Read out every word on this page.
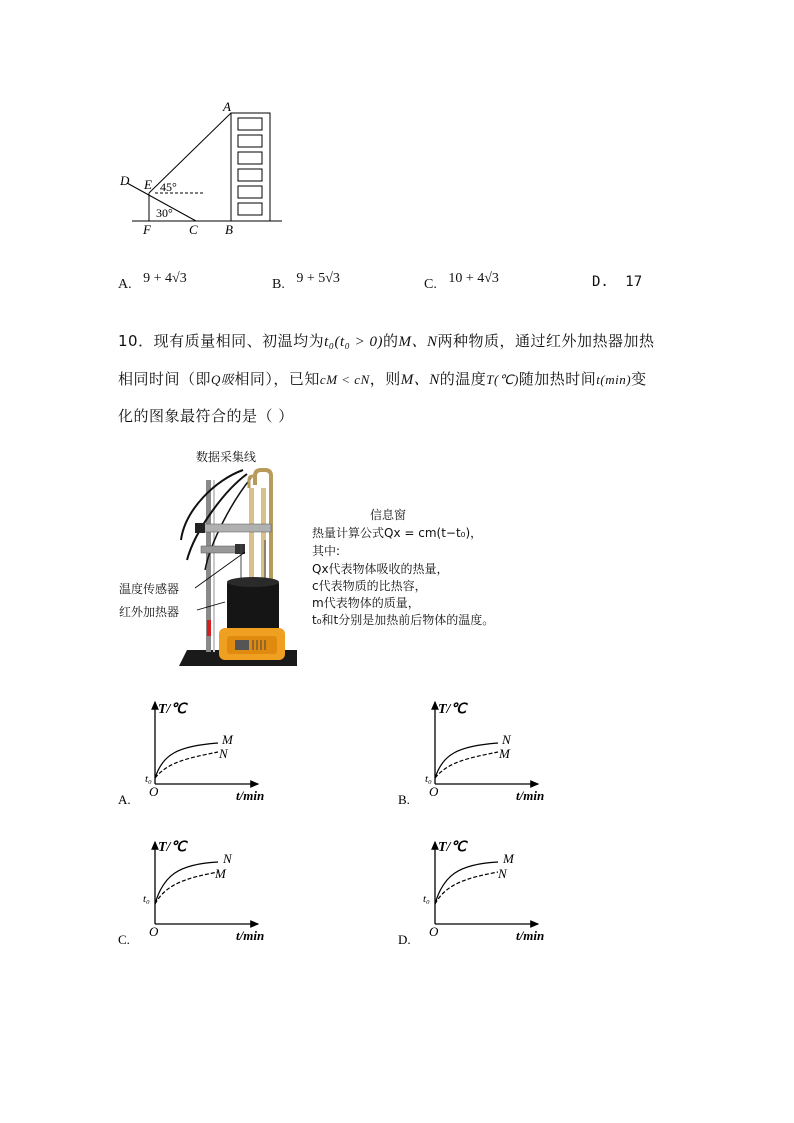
A
B
C
D E
F
45°
30°
A. 9 + 4√3	B. 9 + 5√3	C. 10 + 4√3	D. 17
10．现有质量相同、初温均为t₀(t₀ > 0)的M、N两种物质，通过红外加热器加热
相同时间（即Q吸相同），已知cM < cN，则M、N的温度T(℃)随加热时间t(min)变
化的图象最符合的是（ ）
数据采集线
温度传感器
红外加热器
信息窗
热量计算公式Qx = cm(t−t₀)，
其中:
Qx代表物体吸收的热量，
c代表物质的比热容，
m代表物体的质量，
t₀和t分别是加热前后物体的温度。
T/℃
M
N
t₀
O	t/min
A.
T/℃
N
M
t₀
O	t/min
B.
T/℃
N
M
t₀
O	t/min
C.
T/℃
M
N
t₀
O	t/min
D.
